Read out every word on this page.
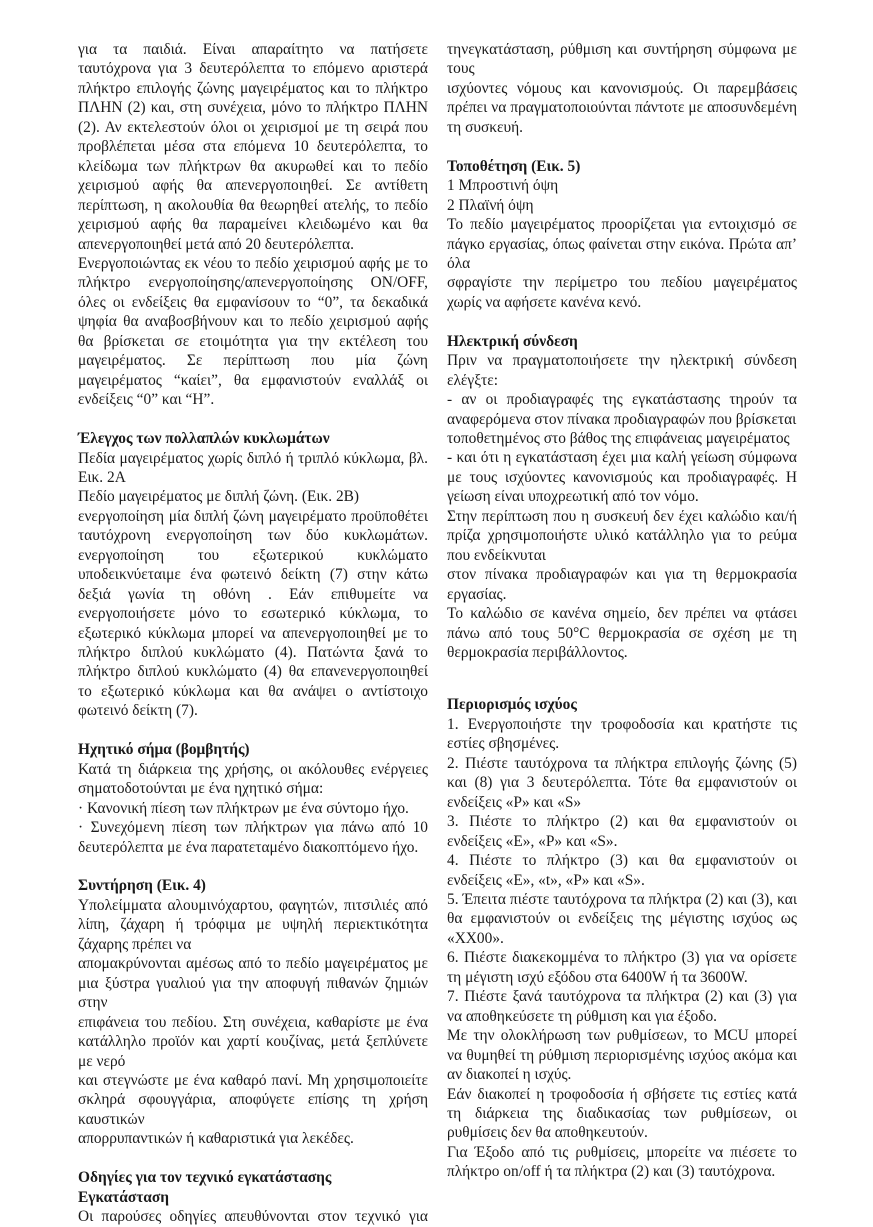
για τα παιδιά. Είναι απαραίτητο να πατήσετε ταυτόχρονα για 3 δευτερόλεπτα το επόμενο αριστερά πλήκτρο επιλογής ζώνης μαγειρέματος και το πλήκτρο ΠΛΗΝ (2) και, στη συνέχεια, μόνο το πλήκτρο ΠΛΗΝ (2). Αν εκτελεστούν όλοι οι χειρισμοί με τη σειρά που προβλέπεται μέσα στα επόμενα 10 δευτερόλεπτα, το κλείδωμα των πλήκτρων θα ακυρωθεί και το πεδίο χειρισμού αφής θα απενεργοποιηθεί. Σε αντίθετη περίπτωση, η ακολουθία θα θεωρηθεί ατελής, το πεδίο χειρισμού αφής θα παραμείνει κλειδωμένο και θα απενεργοποιηθεί μετά από 20 δευτερόλεπτα.
Ενεργοποιώντας εκ νέου το πεδίο χειρισμού αφής με το πλήκτρο ενεργοποίησης/απενεργοποίησης ON/OFF, όλες οι ενδείξεις θα εμφανίσουν το “0”, τα δεκαδικά ψηφία θα αναβοσβήνουν και το πεδίο χειρισμού αφής θα βρίσκεται σε ετοιμότητα για την εκτέλεση του μαγειρέματος. Σε περίπτωση που μία ζώνη μαγειρέματος “καίει”, θα εμφανιστούν εναλλάξ οι ενδείξεις “0” και “H”.
Έλεγχος των πολλαπλών κυκλωμάτων
Πεδία μαγειρέματος χωρίς διπλό ή τριπλό κύκλωμα, βλ. Εικ. 2A
Πεδίο μαγειρέματος με διπλή ζώνη. (Εικ. 2B)
ενεργοποίηση μία διπλή ζώνη μαγειρέματο προϋποθέτει ταυτόχρονη ενεργοποίηση των δύο κυκλωμάτων. ενεργοποίηση του εξωτερικού κυκλώματο υποδεικνύεταιμε ένα φωτεινό δείκτη (7) στην κάτω δεξιά γωνία τη οθόνη . Εάν επιθυμείτε να ενεργοποιήσετε μόνο το εσωτερικό κύκλωμα, το εξωτερικό κύκλωμα μπορεί να απενεργοποιηθεί με το πλήκτρο διπλού κυκλώματο (4). Πατώντα ξανά το πλήκτρο διπλού κυκλώματο (4) θα επανενεργοποιηθεί το εξωτερικό κύκλωμα και θα ανάψει ο αντίστοιχο φωτεινό δείκτη (7).
Ηχητικό σήμα (βομβητής)
Κατά τη διάρκεια της χρήσης, οι ακόλουθες ενέργειες σηματοδοτούνται με ένα ηχητικό σήμα:
· Κανονική πίεση των πλήκτρων με ένα σύντομο ήχο.
· Συνεχόμενη πίεση των πλήκτρων για πάνω από 10 δευτερόλεπτα με ένα παρατεταμένο διακοπτόμενο ήχο.
Συντήρηση (Εικ. 4)
Υπολείμματα αλουμινόχαρτου, φαγητών, πιτσιλιές από λίπη, ζάχαρη ή τρόφιμα με υψηλή περιεκτικότητα ζάχαρης πρέπει να
απομακρύνονται αμέσως από το πεδίο μαγειρέματος με μια ξύστρα γυαλιού για την αποφυγή πιθανών ζημιών στην
επιφάνεια του πεδίου. Στη συνέχεια, καθαρίστε με ένα κατάλληλο προϊόν και χαρτί κουζίνας, μετά ξεπλύνετε με νερό
και στεγνώστε με ένα καθαρό πανί. Μη χρησιμοποιείτε σκληρά σφουγγάρια, αποφύγετε επίσης τη χρήση καυστικών
απορρυπαντικών ή καθαριστικά για λεκέδες.
Οδηγίες για τον τεχνικό εγκατάστασης
Εγκατάσταση
Οι παρούσες οδηγίες απευθύνονται στον τεχνικό για
τηνεγκατάσταση, ρύθμιση και συντήρηση σύμφωνα με τους
ισχύοντες νόμους και κανονισμούς. Οι παρεμβάσεις πρέπει να πραγματοποιούνται πάντοτε με αποσυνδεμένη τη συσκευή.
Τοποθέτηση (Εικ. 5)
1 Μπροστινή όψη
2 Πλαϊνή όψη
Το πεδίο μαγειρέματος προορίζεται για εντοιχισμό σε πάγκο εργασίας, όπως φαίνεται στην εικόνα. Πρώτα απ’ όλα
σφραγίστε την περίμετρο του πεδίου μαγειρέματος χωρίς να αφήσετε κανένα κενό.
Ηλεκτρική σύνδεση
Πριν να πραγματοποιήσετε την ηλεκτρική σύνδεση ελέγξτε:
- αν οι προδιαγραφές της εγκατάστασης τηρούν τα αναφερόμενα στον πίνακα προδιαγραφών που βρίσκεται
τοποθετημένος στο βάθος της επιφάνειας μαγειρέματος
- και ότι η εγκατάσταση έχει μια καλή γείωση σύμφωνα με τους ισχύοντες κανονισμούς και προδιαγραφές. Η γείωση είναι υποχρεωτική από τον νόμο.
Στην περίπτωση που η συσκευή δεν έχει καλώδιο και/ή πρίζα χρησιμοποιήστε υλικό κατάλληλο για το ρεύμα που ενδείκνυται
στον πίνακα προδιαγραφών και για τη θερμοκρασία εργασίας.
Το καλώδιο σε κανένα σημείο, δεν πρέπει να φτάσει πάνω από τους 50°C θερμοκρασία σε σχέση με τη θερμοκρασία περιβάλλοντος.
Περιορισμός ισχύος
1. Ενεργοποιήστε την τροφοδοσία και κρατήστε τις εστίες σβησμένες.
2. Πιέστε ταυτόχρονα τα πλήκτρα επιλογής ζώνης (5) και (8) για 3 δευτερόλεπτα. Τότε θα εμφανιστούν οι ενδείξεις «P» και «S»
3. Πιέστε το πλήκτρο (2) και θα εμφανιστούν οι ενδείξεις «E», «P» και «S».
4. Πιέστε το πλήκτρο (3) και θα εμφανιστούν οι ενδείξεις «E», «t», «P» και «S».
5. Έπειτα πιέστε ταυτόχρονα τα πλήκτρα (2) και (3), και θα εμφανιστούν οι ενδείξεις της μέγιστης ισχύος ως «XX00».
6. Πιέστε διακεκομμένα το πλήκτρο (3) για να ορίσετε τη μέγιστη ισχύ εξόδου στα 6400W ή τα 3600W.
7. Πιέστε ξανά ταυτόχρονα τα πλήκτρα (2) και (3) για να αποθηκεύσετε τη ρύθμιση και για έξοδο.
Με την ολοκλήρωση των ρυθμίσεων, το MCU μπορεί να θυμηθεί τη ρύθμιση περιορισμένης ισχύος ακόμα και αν διακοπεί η ισχύς.
Εάν διακοπεί η τροφοδοσία ή σβήσετε τις εστίες κατά τη διάρκεια της διαδικασίας των ρυθμίσεων, οι ρυθμίσεις δεν θα αποθηκευτούν.
Για Έξοδο από τις ρυθμίσεις, μπορείτε να πιέσετε το πλήκτρο on/off ή τα πλήκτρα (2) και (3) ταυτόχρονα.
